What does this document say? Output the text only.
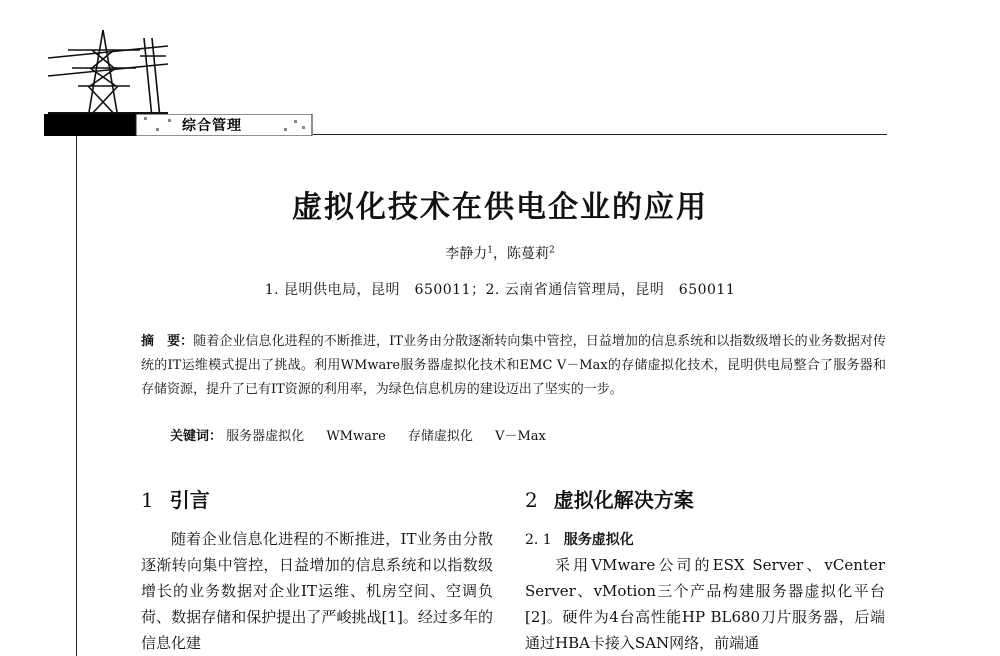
综合管理
虚拟化技术在供电企业的应用
李静力$^1$，陈蔓莉$^2$
1. 昆明供电局，昆明　650011；2. 云南省通信管理局，昆明　650011
摘　要：随着企业信息化进程的不断推进，IT业务由分散逐渐转向集中管控，日益增加的信息系统和以指数级增长的业务数据对传统的IT运维模式提出了挑战。利用WMware服务器虚拟化技术和EMC V－Max的存储虚拟化技术，昆明供电局整合了服务器和存储资源，提升了已有IT资源的利用率，为绿色信息机房的建设迈出了坚实的一步。
关键词： 服务器虚拟化 WMware 存储虚拟化 V－Max
1 引言
随着企业信息化进程的不断推进，IT业务由分散逐渐转向集中管控，日益增加的信息系统和以指数级增长的业务数据对企业IT运维、机房空间、空调负荷、数据存储和保护提出了严峻挑战[1]。经过多年的信息化建
2 虚拟化解决方案
2. 1 服务虚拟化
采用VMware公司的ESX Server、vCenter Server、vMotion三个产品构建服务器虚拟化平台[2]。硬件为4台高性能HP BL680刀片服务器，后端通过HBA卡接入SAN网络，前端通
